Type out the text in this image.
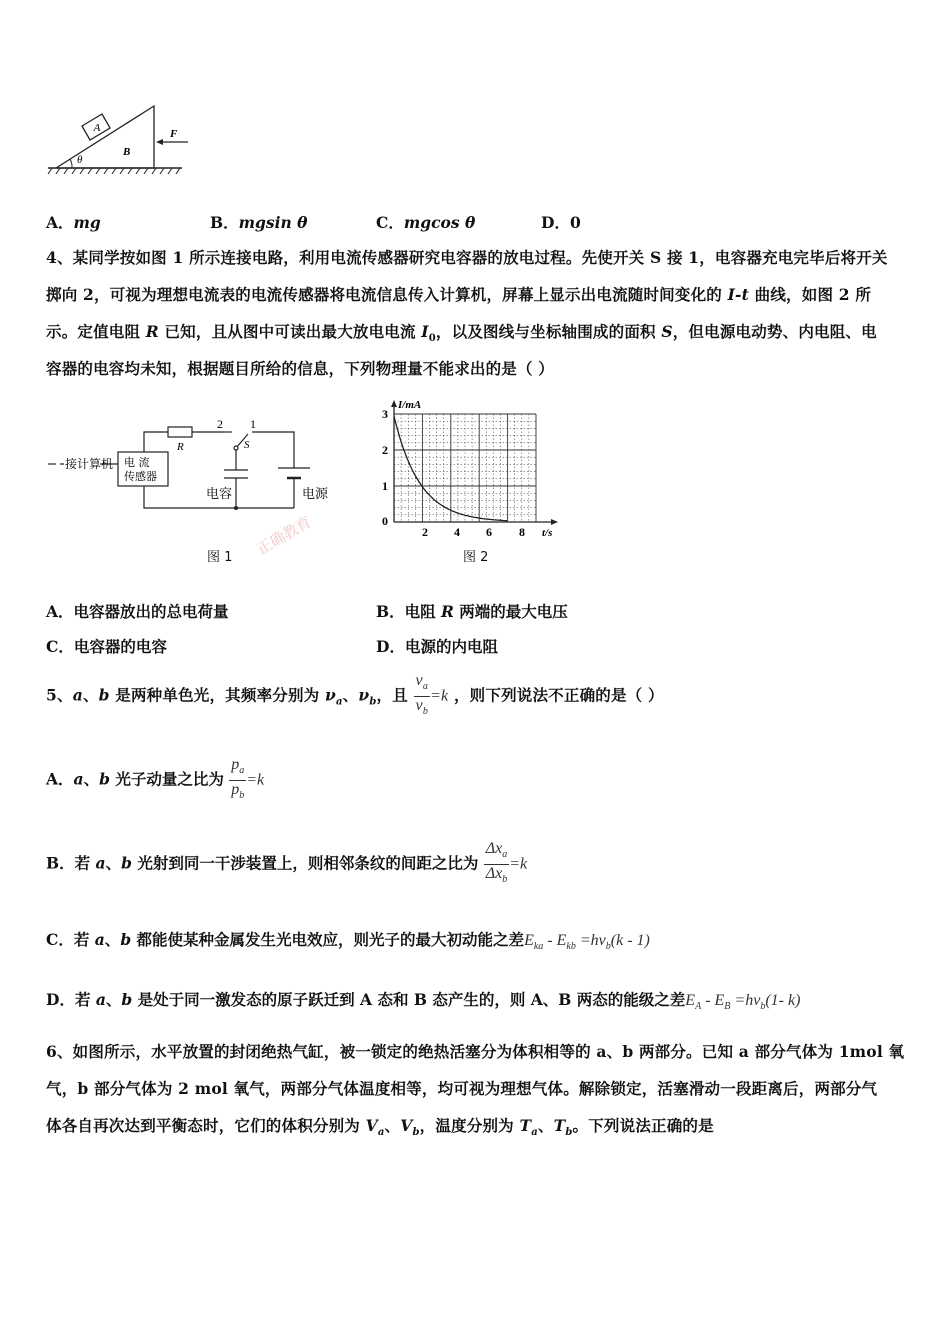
A
B
θ
F
A．mg	B．mgsin θ	C．mgcos θ	D．0
4、某同学按如图 1 所示连接电路，利用电流传感器研究电容器的放电过程。先使开关 S 接 1，电容器充电完毕后将开关
掷向 2，可视为理想电流表的电流传感器将电流信息传入计算机，屏幕上显示出电流随时间变化的 I-t 曲线，如图 2 所
示。定值电阻 R 已知，且从图中可读出最大放电电流 $I_0$，以及图线与坐标轴围成的面积 S，但电源电动势、内电阻、电
容器的电容均未知，根据题目所给的信息，下列物理量不能求出的是（ ）
接计算机 电 流
传感器
R
2 1
S
电容	电源
正确教育
图 1
I/mA
t/s
3
2
1
0
2 4 6 8
图 2
A．电容器放出的总电荷量	B．电阻 R 两端的最大电压
C．电容器的电容	D．电源的内电阻
5、a、b 是两种单色光，其频率分别为 $\nu_a$、$\nu_b$，且 $\frac{\nu_a}{\nu_b} =k$ ，则下列说法不正确的是（ ）
A．a、b 光子动量之比为 $\frac{p_a}{p_b} =k$
B．若 a、b 光射到同一干涉装置上，则相邻条纹的间距之比为 $\frac{\Delta x_a}{\Delta x_b} =k$
C．若 a、b 都能使某种金属发生光电效应，则光子的最大初动能之差$E_{ka} - E_{kb} =h\nu_b(k - 1)$
D．若 a、b 是处于同一激发态的原子跃迁到 A 态和 B 态产生的，则 A、B 两态的能级之差$E_A - E_B =h\nu_b(1-$ k)
6、如图所示，水平放置的封闭绝热气缸，被一锁定的绝热活塞分为体积相等的 a、b 两部分。已知 a 部分气体为 1mol 氧
气，b 部分气体为 2 mol 氧气，两部分气体温度相等，均可视为理想气体。解除锁定，活塞滑动一段距离后，两部分气
体各自再次达到平衡态时，它们的体积分别为 $V_a$、$V_b$，温度分别为 $T_a$、$T_b$。下列说法正确的是
